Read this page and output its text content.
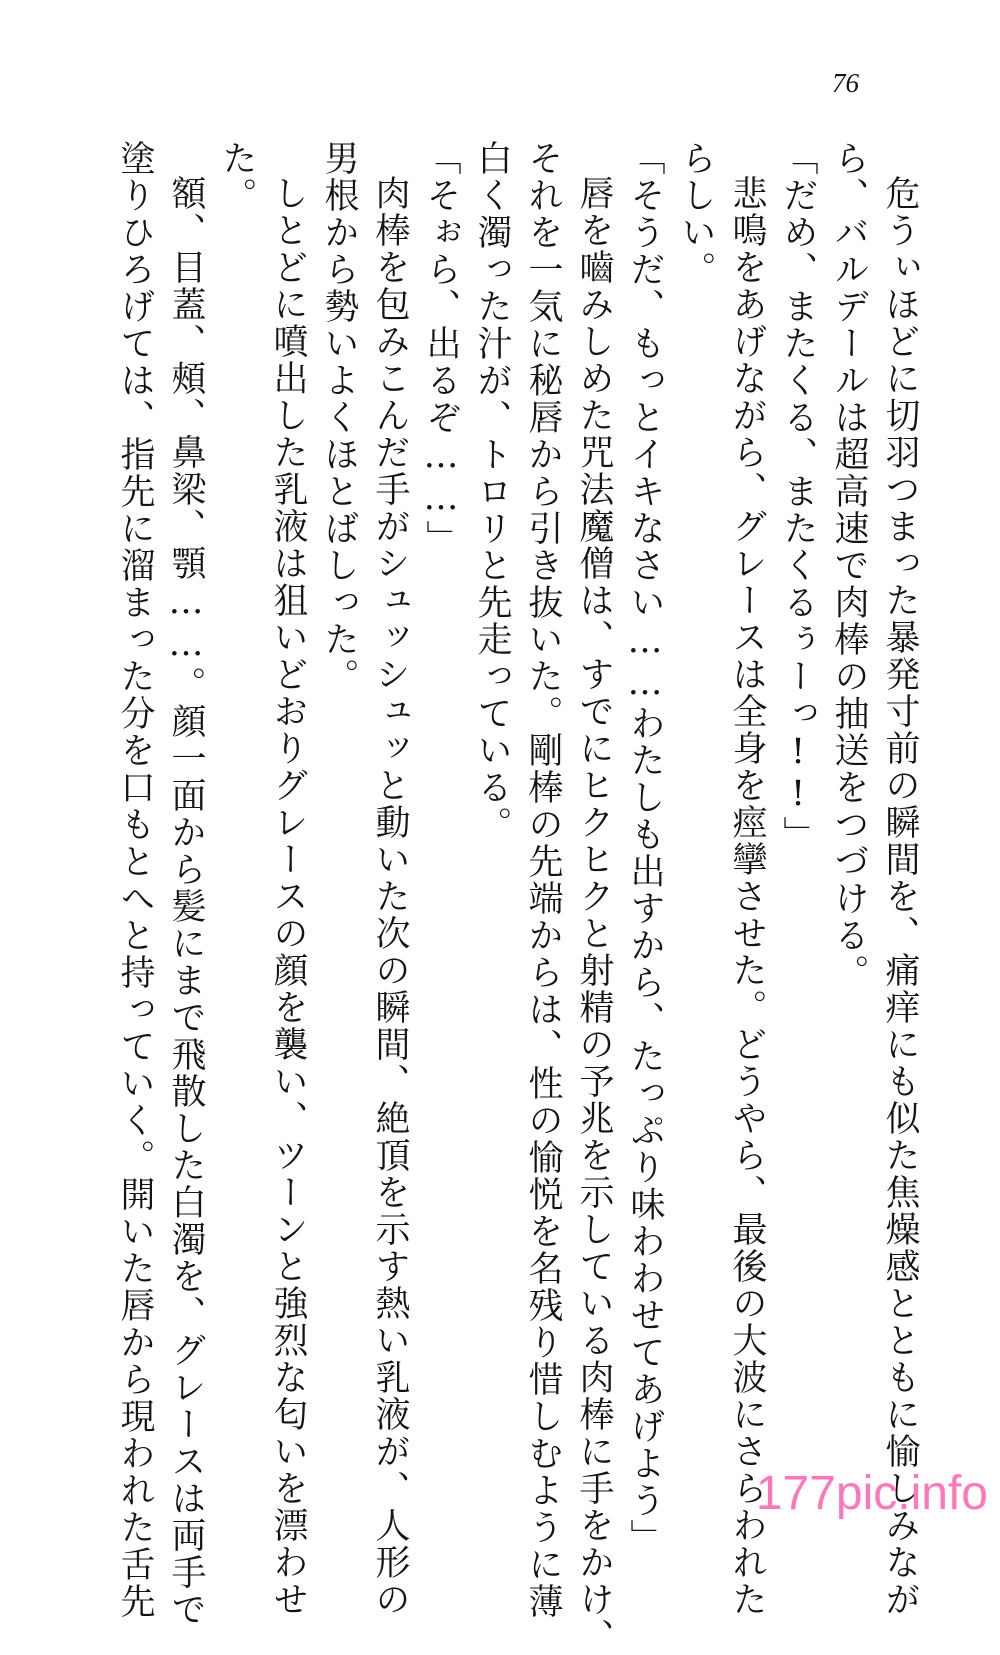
76

危うぃほどに切羽つまった暴発寸前の瞬間を、痛痒にも似た焦燥感とともに愉しみなが

ら、バルデールは超高速で肉棒の抽送をつづける。

「だめ、またくる、またくるぅーっ!!」

悲鳴をあげながら、グレースは全身を痙攣させた。どうやら、最後の大波にさらわれた

らしい。

「そうだ、もっとイキなさい……わたしも出すから、たっぷり味わわせてあげよう」

唇を嚙みしめた咒法魔僧は、すでにヒクヒクと射精の予兆を示している肉棒に手をかけ、

それを一気に秘唇から引き抜いた。剛棒の先端からは、性の愉悦を名残り惜しむように薄

白く濁った汁が、トロリと先走っている。

「そぉら、出るぞ……」

肉棒を包みこんだ手がシュッシュッと動いた次の瞬間、絶頂を示す熱い乳液が、人形の

男根から勢いよくほとばしった。

しとどに噴出した乳液は狙いどおりグレースの顔を襲い、ツーンと強烈な匂いを漂わせ

た。

額、目蓋、頰、鼻梁、顎……。顔一面から髪にまで飛散した白濁を、グレースは両手で

塗りひろげては、指先に溜まった分を口もとへと持っていく。開いた唇から現われた舌先	177pic.info
